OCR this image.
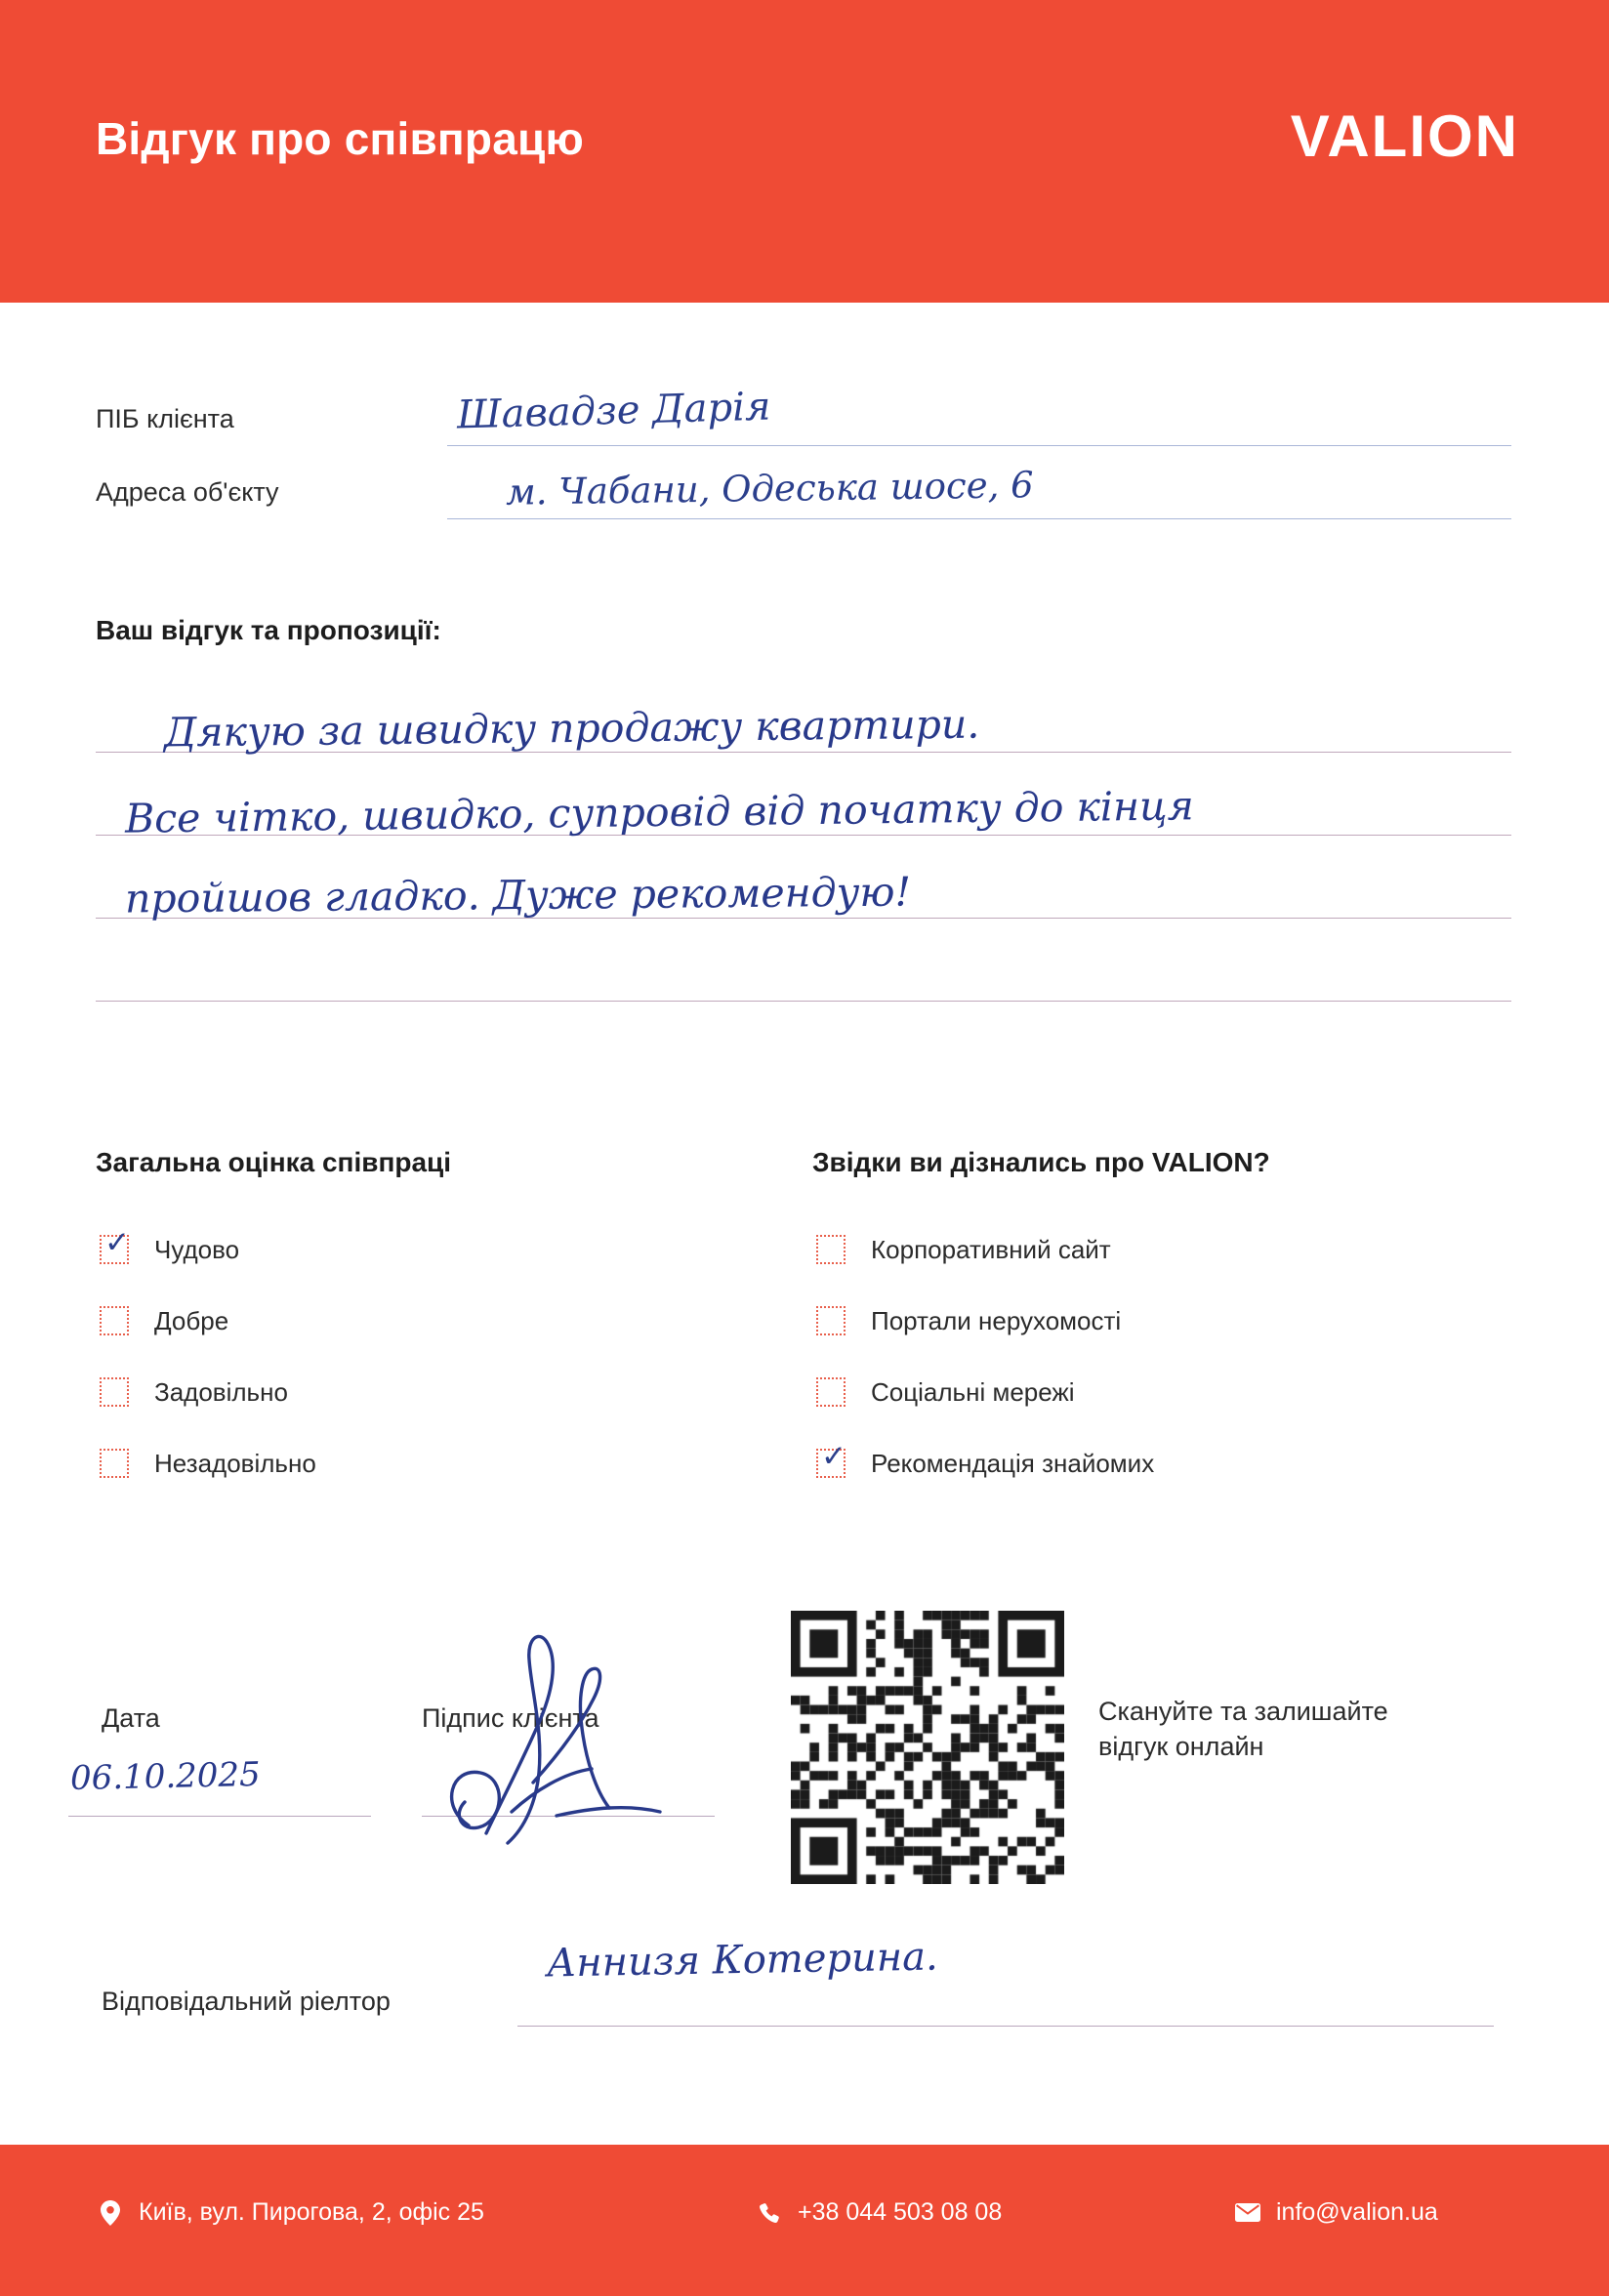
Відгук про співпрацю	VALION
ПІБ клієнта	Шавадзе Дарія
Адреса об'єкту	м. Чабани, Одеська шосе, 6
Ваш відгук та пропозиції:
Дякую за швидку продажу квартири.
Все чітко, швидко, супровід від початку до кінця
пройшов гладко. Дуже рекомендую!
Загальна оцінка співпраці
✓ Чудово
Добре
Задовільно
Незадовільно
Звідки ви дізнались про VALION?
Корпоративний сайт
Портали нерухомості
Соціальні мережі
✓ Рекомендація знайомих
Дата
06.10.2025
Підпис клієнта	Скануйте та залишайте
відгук онлайн
Відповідальний ріелтор
Аннизя Котерина.
Київ, вул. Пирогова, 2, офіс 25	+38 044 503 08 08	info@valion.ua
